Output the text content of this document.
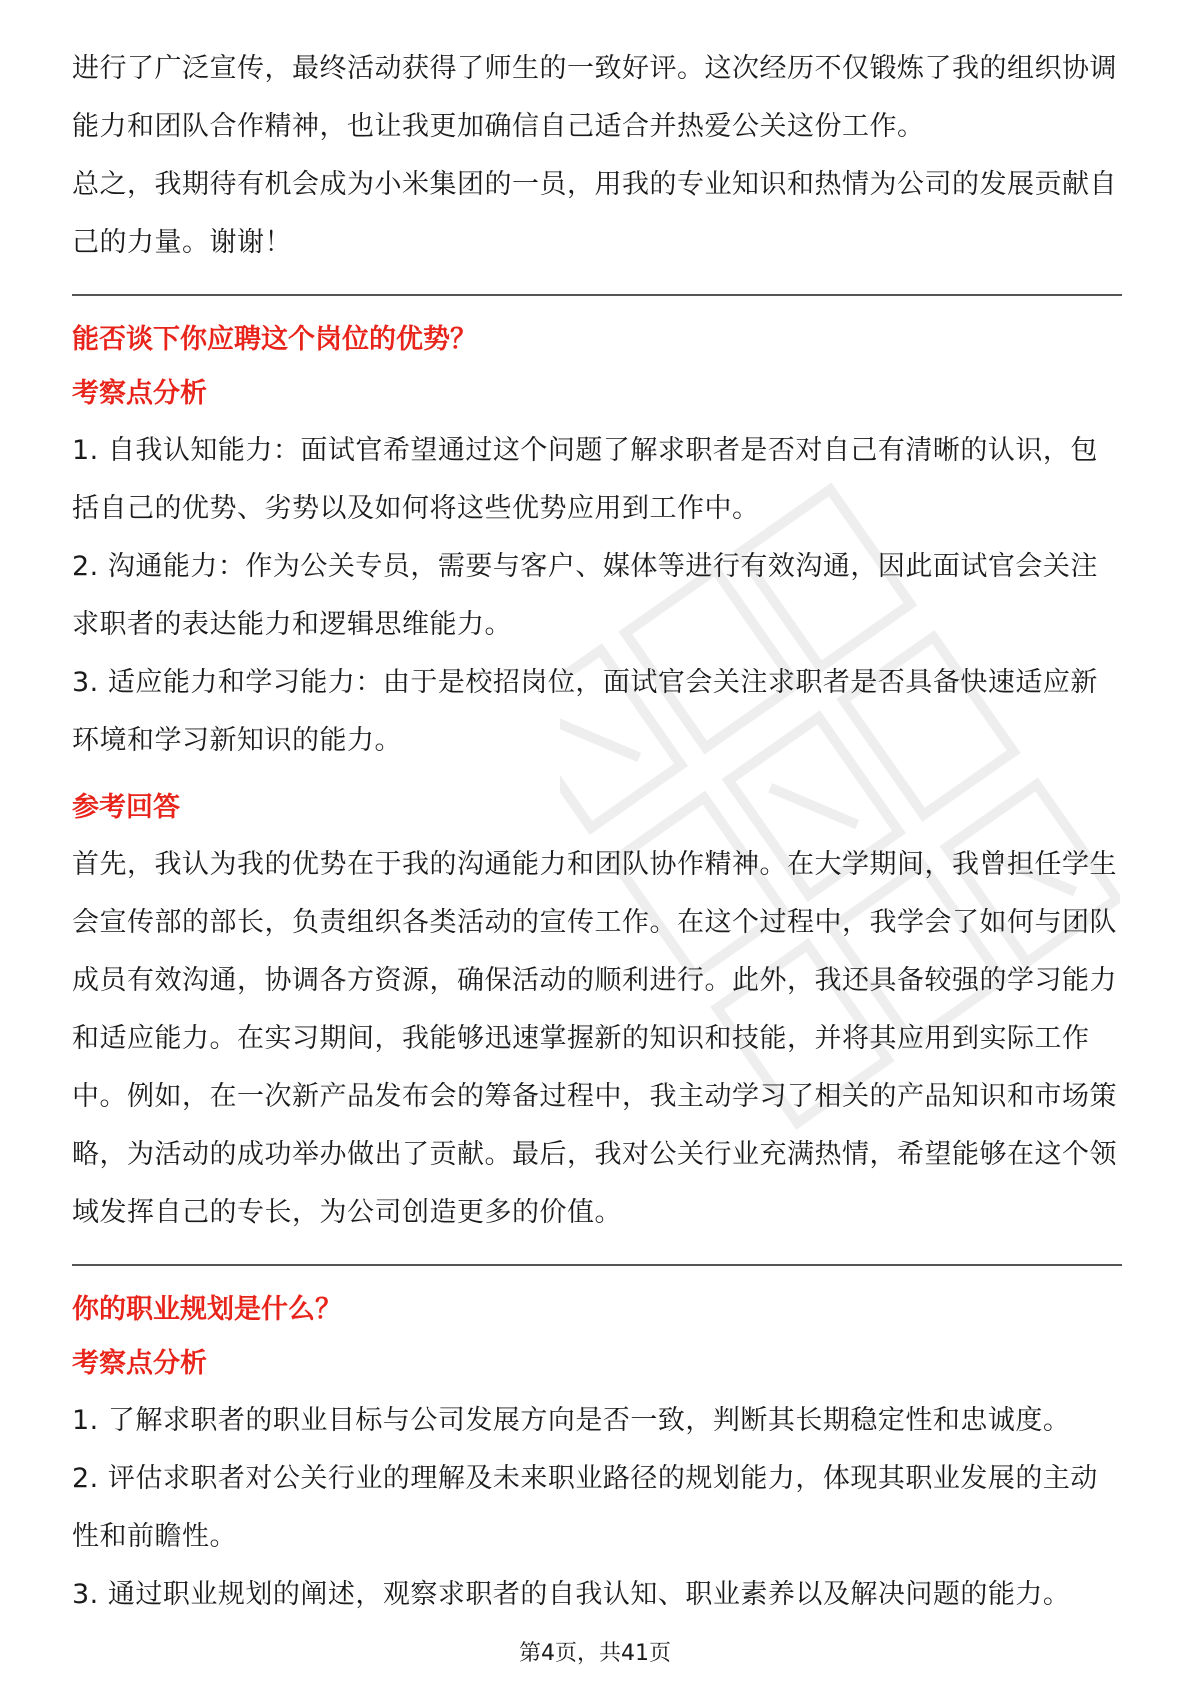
进行了广泛宣传，最终活动获得了师生的一致好评。这次经历不仅锻炼了我的组织协调能力和团队合作精神，也让我更加确信自己适合并热爱公关这份工作。

总之，我期待有机会成为小米集团的一员，用我的专业知识和热情为公司的发展贡献自己的力量。谢谢！

能否谈下你应聘这个岗位的优势？

考察点分析

1. 自我认知能力：面试官希望通过这个问题了解求职者是否对自己有清晰的认识，包括自己的优势、劣势以及如何将这些优势应用到工作中。

2. 沟通能力：作为公关专员，需要与客户、媒体等进行有效沟通，因此面试官会关注求职者的表达能力和逻辑思维能力。

3. 适应能力和学习能力：由于是校招岗位，面试官会关注求职者是否具备快速适应新环境和学习新知识的能力。

参考回答

首先，我认为我的优势在于我的沟通能力和团队协作精神。在大学期间，我曾担任学生会宣传部的部长，负责组织各类活动的宣传工作。在这个过程中，我学会了如何与团队成员有效沟通，协调各方资源，确保活动的顺利进行。此外，我还具备较强的学习能力和适应能力。在实习期间，我能够迅速掌握新的知识和技能，并将其应用到实际工作中。例如，在一次新产品发布会的筹备过程中，我主动学习了相关的产品知识和市场策略，为活动的成功举办做出了贡献。最后，我对公关行业充满热情，希望能够在这个领域发挥自己的专长，为公司创造更多的价值。

你的职业规划是什么？

考察点分析

1. 了解求职者的职业目标与公司发展方向是否一致，判断其长期稳定性和忠诚度。

2. 评估求职者对公关行业的理解及未来职业路径的规划能力，体现其职业发展的主动性和前瞻性。

3. 通过职业规划的阐述，观察求职者的自我认知、职业素养以及解决问题的能力。

第4页，共41页
